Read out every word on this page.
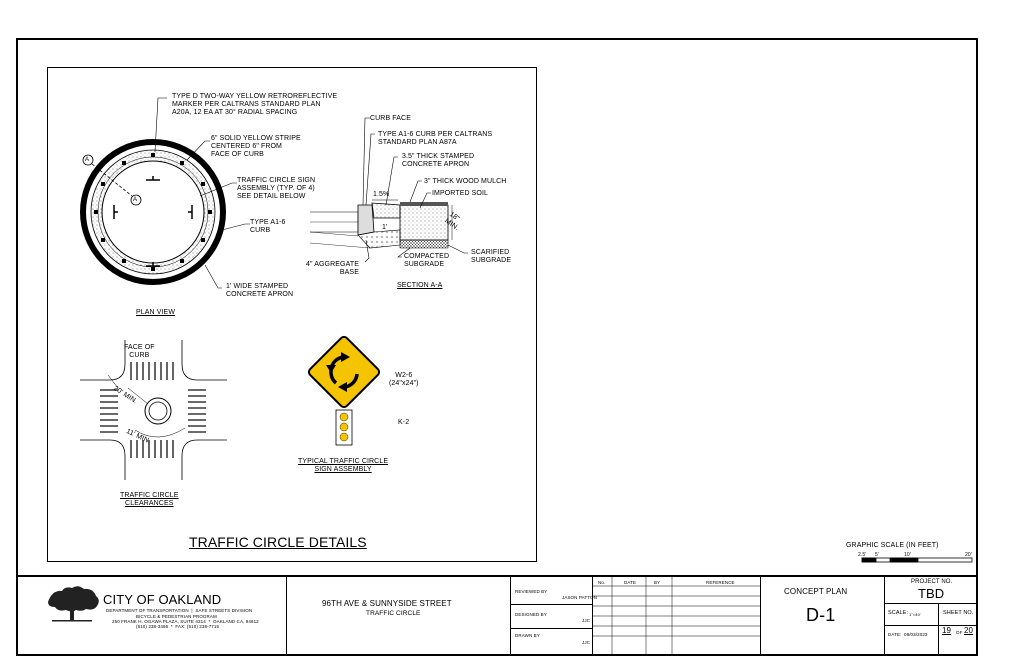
TYPE D TWO-WAY YELLOW RETROREFLECTIVE
MARKER PER CALTRANS STANDARD PLAN
A20A, 12 EA AT 30° RADIAL SPACING
6" SOLID YELLOW STRIPE
CENTERED 6" FROM
FACE OF CURB
TRAFFIC CIRCLE SIGN
ASSEMBLY (TYP. OF 4)
SEE DETAIL BELOW
TYPE A1-6
CURB
1' WIDE STAMPED
CONCRETE APRON
A
A
PLAN VIEW
CURB FACE
TYPE A1-6 CURB PER CALTRANS
STANDARD PLAN A87A
3.5" THICK STAMPED
CONCRETE APRON
3" THICK WOOD MULCH
IMPORTED SOIL
1.5%
18"
MIN.
1'
4" AGGREGATE
BASE
COMPACTED
SUBGRADE
SCARIFIED
SUBGRADE
SECTION A-A
FACE OF
CURB
20' MIN.
11' MIN.
TRAFFIC CIRCLE
CLEARANCES
W2-6
(24"x24")
K-2
TYPICAL TRAFFIC CIRCLE
SIGN ASSEMBLY
TRAFFIC CIRCLE DETAILS	GRAPHIC SCALE (IN FEET)
2.5' 5'	10'	20'
CITY OF OAKLAND
DEPARTMENT OF TRANSPORTATION  |  SAFE STREETS DIVISION
BICYCLE & PEDESTRIAN PROGRAM
250 FRANK H. OGAWA PLAZA, SUITE 4314  *  OAKLAND CA, 94612
(510) 238-3466  *  FAX: (510) 238-7715
96TH AVE & SUNNYSIDE STREET
TRAFFIC CIRCLE
REVIEWED BY
JASON PATTON
DESIGNED BY
JJC
DRAWN BY
JJC
No.	DATE	BY	REFERENCE
CONCEPT PLAN
D-1
PROJECT NO.
TBD
SCALE: 1"=40'	SHEET NO.
DATE: 08/03/2023 19 OF 20
